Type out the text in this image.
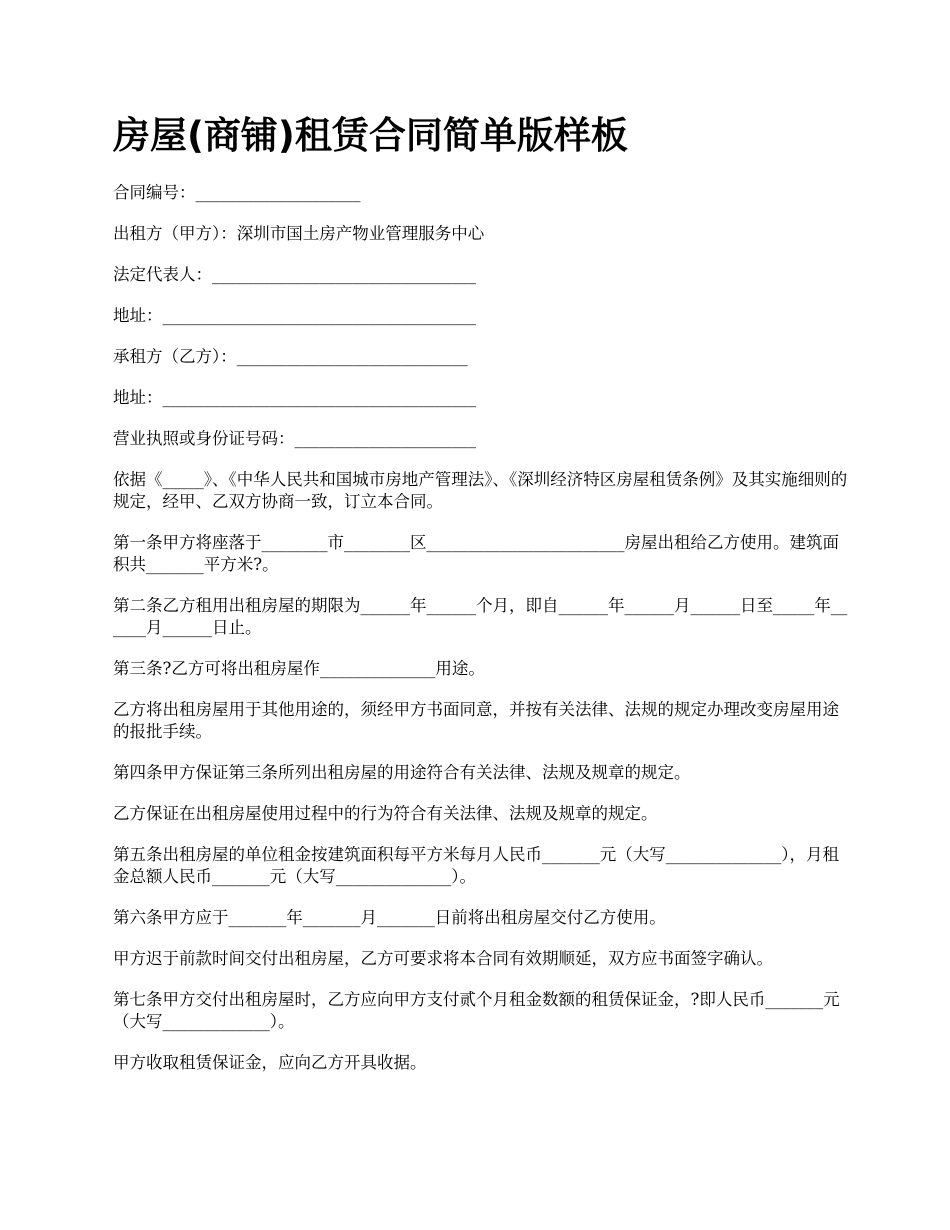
房屋(商铺)租赁合同简单版样板
合同编号：____________________
出租方（甲方）：深圳市国土房产物业管理服务中心
法定代表人：________________________________
地址：______________________________________
承租方（乙方）：____________________________
地址：______________________________________
营业执照或身份证号码：______________________
依据《_____》、《中华人民共和国城市房地产管理法》、《深圳经济特区房屋租赁条例》及其实施细则的规定，经甲、乙双方协商一致，订立本合同。
第一条甲方将座落于________市________区________________________房屋出租给乙方使用。建筑面积共_______平方米?。
第二条乙方租用出租房屋的期限为______年______个月，即自______年______月______日至_____年______月______日止。
第三条?乙方可将出租房屋作______________用途。
乙方将出租房屋用于其他用途的，须经甲方书面同意，并按有关法律、法规的规定办理改变房屋用途的报批手续。
第四条甲方保证第三条所列出租房屋的用途符合有关法律、法规及规章的规定。
乙方保证在出租房屋使用过程中的行为符合有关法律、法规及规章的规定。
第五条出租房屋的单位租金按建筑面积每平方米每月人民币_______元（大写______________），月租金总额人民币_______元（大写______________）。
第六条甲方应于_______年_______月_______日前将出租房屋交付乙方使用。
甲方迟于前款时间交付出租房屋，乙方可要求将本合同有效期顺延，双方应书面签字确认。
第七条甲方交付出租房屋时，乙方应向甲方支付贰个月租金数额的租赁保证金，?即人民币_______元（大写_____________）。
甲方收取租赁保证金，应向乙方开具收据。
